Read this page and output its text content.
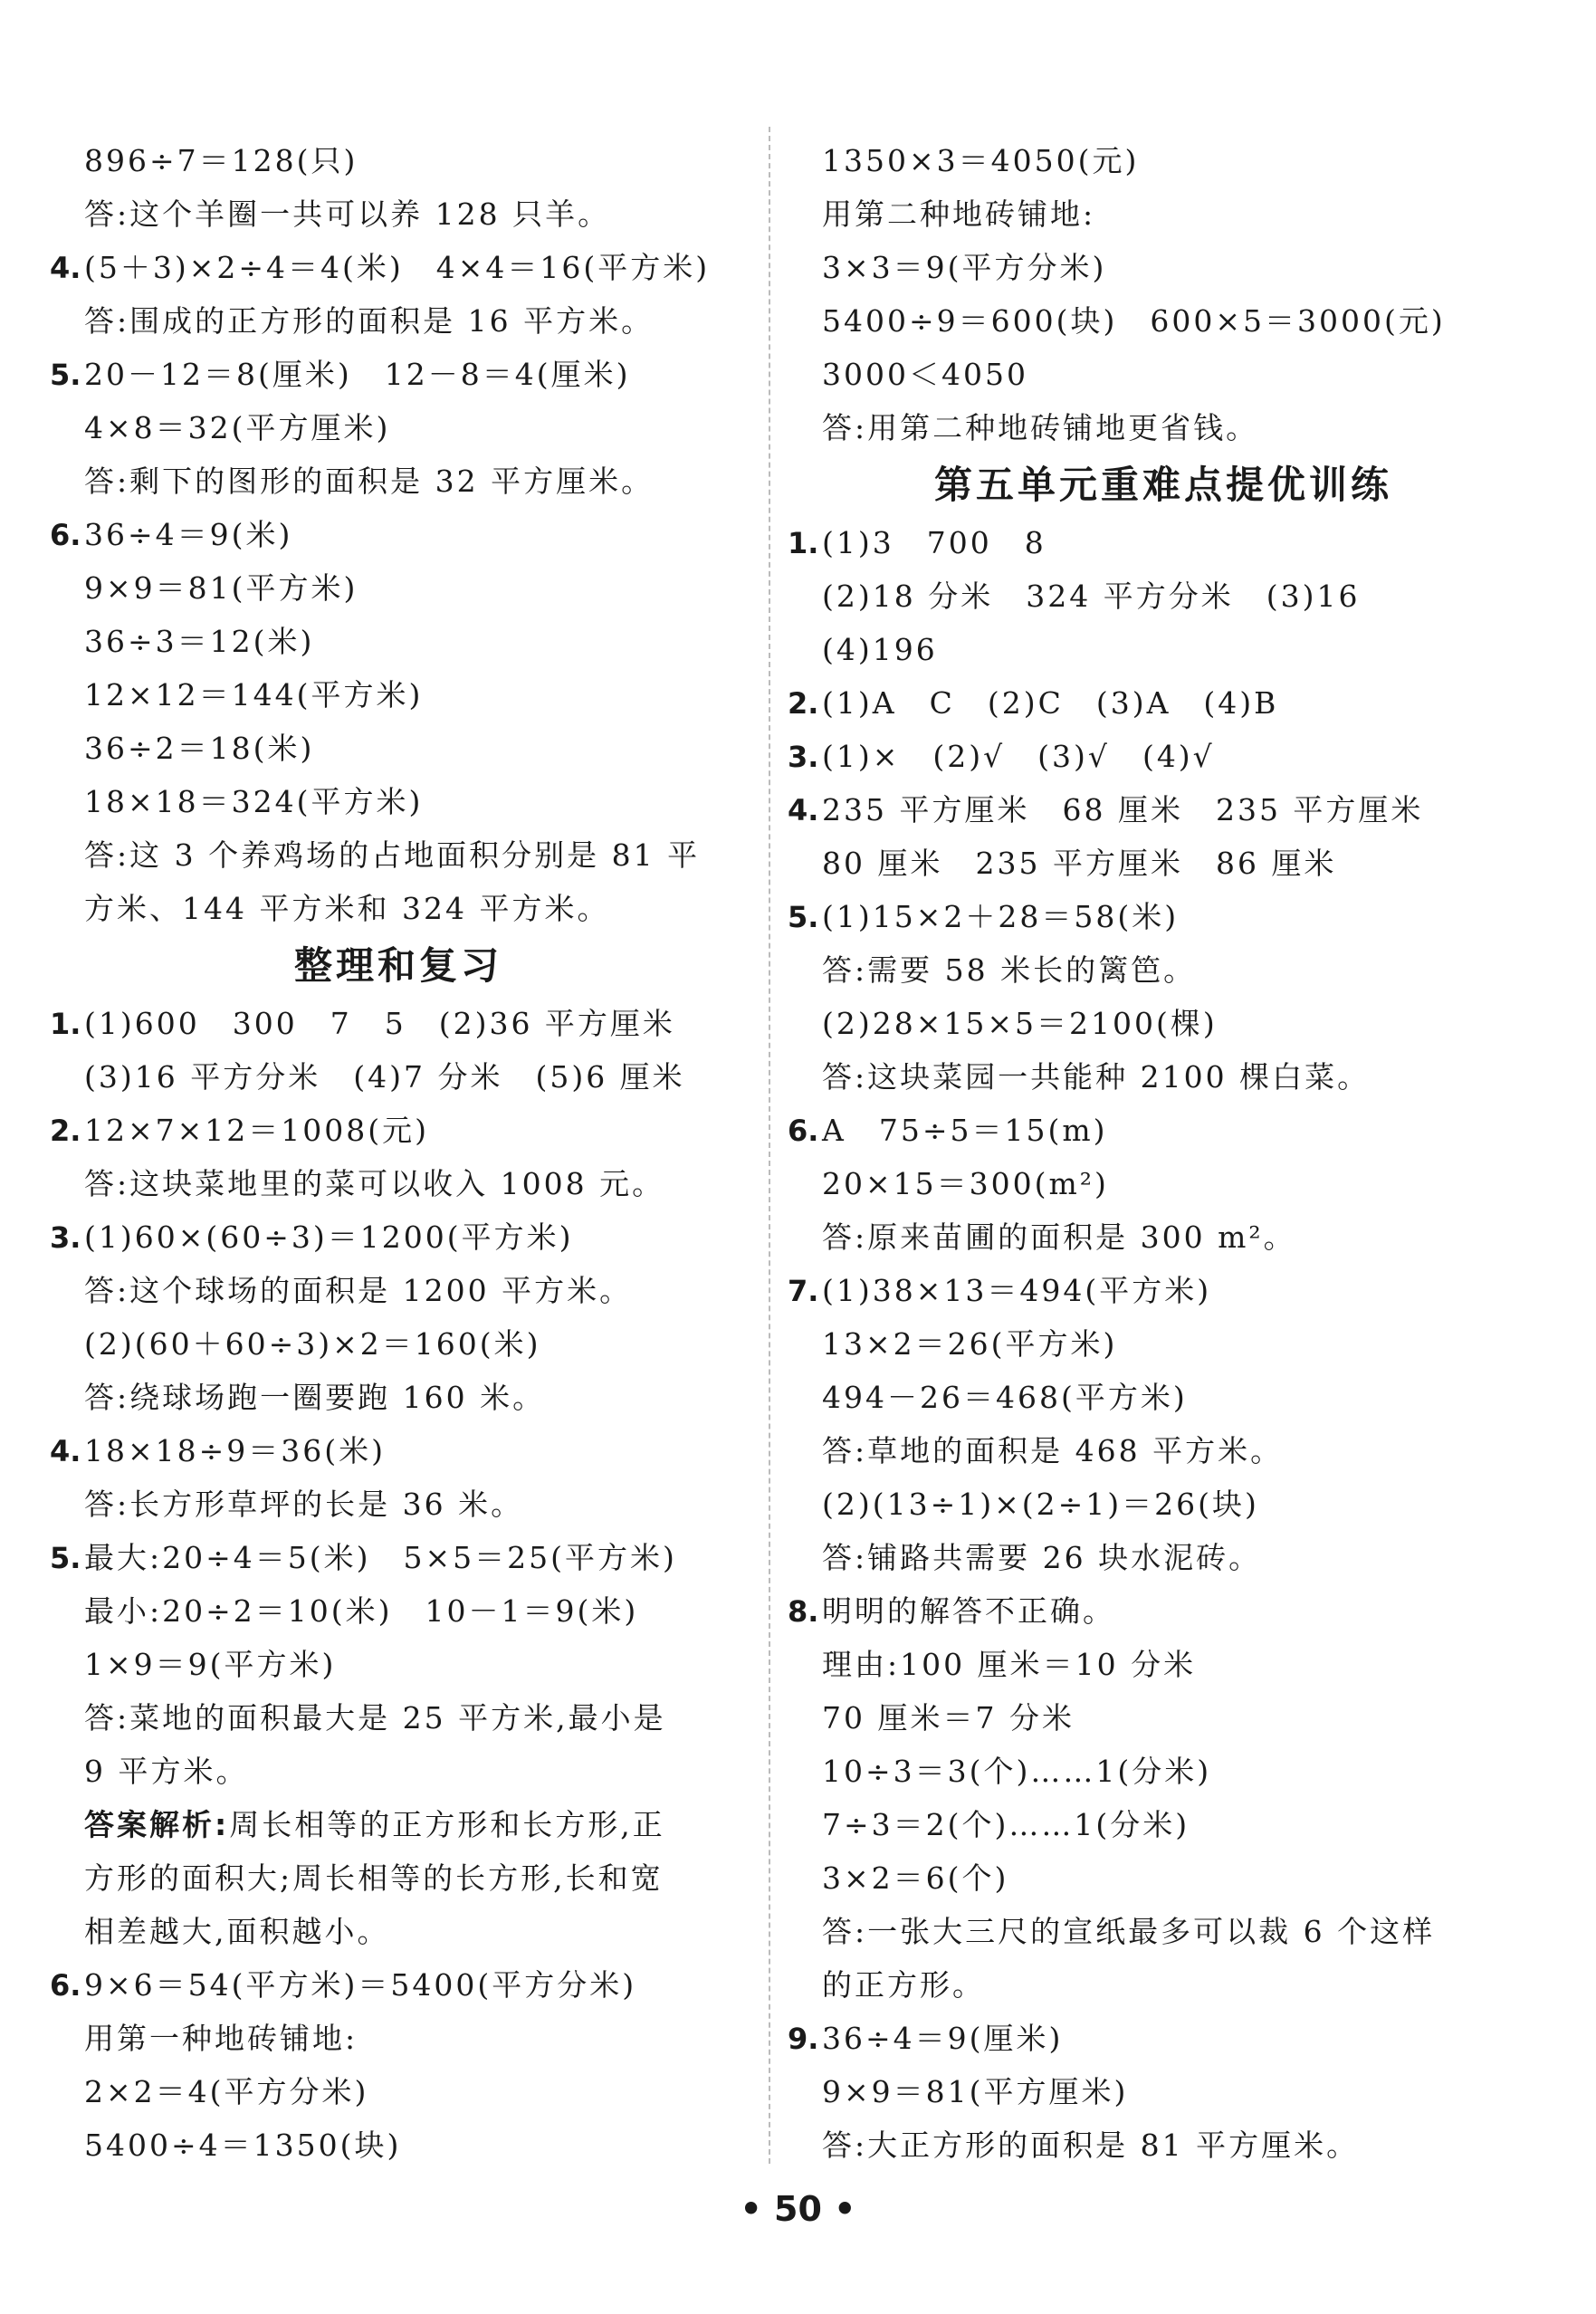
896÷7＝128(只)
答:这个羊圈一共可以养 128 只羊。
4. (5＋3)×2÷4＝4(米)　4×4＝16(平方米)
答:围成的正方形的面积是 16 平方米。
5. 20－12＝8(厘米)　12－8＝4(厘米)
4×8＝32(平方厘米)
答:剩下的图形的面积是 32 平方厘米。
6. 36÷4＝9(米)
9×9＝81(平方米)
36÷3＝12(米)
12×12＝144(平方米)
36÷2＝18(米)
18×18＝324(平方米)
答:这 3 个养鸡场的占地面积分别是 81 平
方米、144 平方米和 324 平方米。
整理和复习
1. (1)600　300　7　5　(2)36 平方厘米
(3)16 平方分米　(4)7 分米　(5)6 厘米
2. 12×7×12＝1008(元)
答:这块菜地里的菜可以收入 1008 元。
3. (1)60×(60÷3)＝1200(平方米)
答:这个球场的面积是 1200 平方米。
(2)(60＋60÷3)×2＝160(米)
答:绕球场跑一圈要跑 160 米。
4. 18×18÷9＝36(米)
答:长方形草坪的长是 36 米。
5. 最大:20÷4＝5(米)　5×5＝25(平方米)
最小:20÷2＝10(米)　10－1＝9(米)
1×9＝9(平方米)
答:菜地的面积最大是 25 平方米,最小是
9 平方米。
答案解析:周长相等的正方形和长方形,正
方形的面积大;周长相等的长方形,长和宽
相差越大,面积越小。
6. 9×6＝54(平方米)＝5400(平方分米)
用第一种地砖铺地:
2×2＝4(平方分米)
5400÷4＝1350(块)
1350×3＝4050(元)
用第二种地砖铺地:
3×3＝9(平方分米)
5400÷9＝600(块)　600×5＝3000(元)
3000＜4050
答:用第二种地砖铺地更省钱。
第五单元重难点提优训练
1. (1)3　700　8
(2)18 分米　324 平方分米　(3)16
(4)196
2. (1)A　C　(2)C　(3)A　(4)B
3. (1)×　(2)√　(3)√　(4)√
4. 235 平方厘米　68 厘米　235 平方厘米
80 厘米　235 平方厘米　86 厘米
5. (1)15×2＋28＝58(米)
答:需要 58 米长的篱笆。
(2)28×15×5＝2100(棵)
答:这块菜园一共能种 2100 棵白菜。
6. A　75÷5＝15(m)
20×15＝300(m²)
答:原来苗圃的面积是 300 m²。
7. (1)38×13＝494(平方米)
13×2＝26(平方米)
494－26＝468(平方米)
答:草地的面积是 468 平方米。
(2)(13÷1)×(2÷1)＝26(块)
答:铺路共需要 26 块水泥砖。
8. 明明的解答不正确。
理由:100 厘米＝10 分米
70 厘米＝7 分米
10÷3＝3(个)……1(分米)
7÷3＝2(个)……1(分米)
3×2＝6(个)
答:一张大三尺的宣纸最多可以裁 6 个这样
的正方形。
9. 36÷4＝9(厘米)
9×9＝81(平方厘米)
答:大正方形的面积是 81 平方厘米。
• 50 •
